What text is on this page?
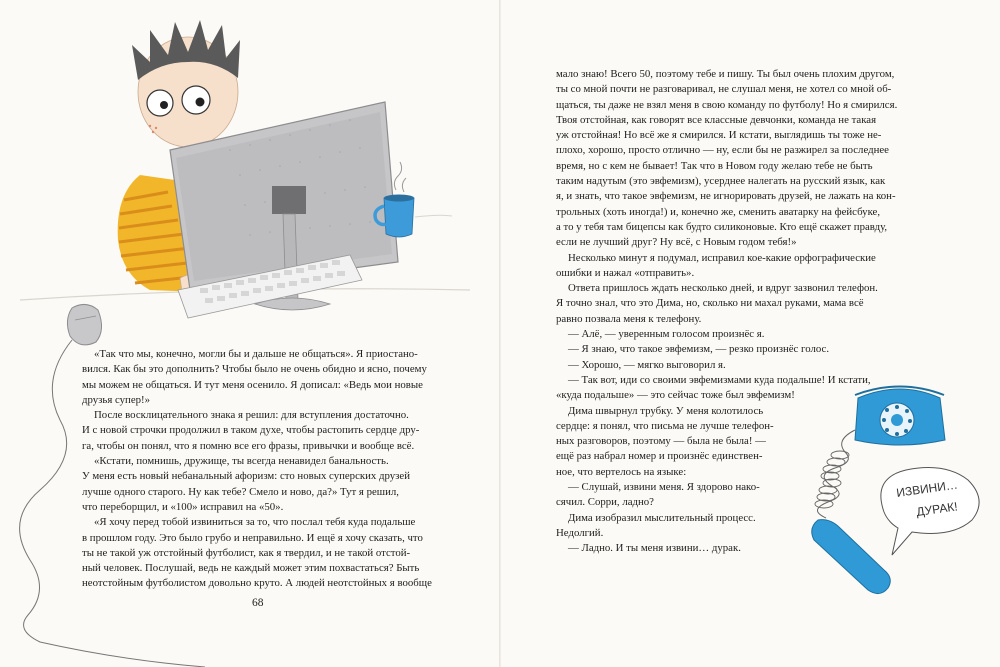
ИЗВИНИ…
ДУРАК!

«Так что мы, конечно, могли бы и дальше не общаться». Я приостано-

вился. Как бы это дополнить? Чтобы было не очень обидно и ясно, почему

мы можем не общаться. И тут меня осенило. Я дописал: «Ведь мои новые

друзья супер!»

После восклицательного знака я решил: для вступления достаточно.

И с новой строчки продолжил в таком духе, чтобы растопить сердце дру-

га, чтобы он понял, что я помню все его фразы, привычки и вообще всё.

«Кстати, помнишь, дружище, ты всегда ненавидел банальность.

У меня есть новый небанальный афоризм: сто новых суперских друзей

лучше одного старого. Ну как тебе? Смело и ново, да?» Тут я решил,

что переборщил, и «100» исправил на «50».

«Я хочу перед тобой извиниться за то, что послал тебя куда подальше

в прошлом году. Это было грубо и неправильно. И ещё я хочу сказать, что

ты не такой уж отстойный футболист, как я твердил, и не такой отстой-

ный человек. Послушай, ведь не каждый может этим похвастаться? Быть

неотстойным футболистом довольно круто. А людей неотстойных я вообще

68

мало знаю! Всего 50, поэтому тебе и пишу. Ты был очень плохим другом,

ты со мной почти не разговаривал, не слушал меня, не хотел со мной об-

щаться, ты даже не взял меня в свою команду по футболу! Но я смирился.

Твоя отстойная, как говорят все классные девчонки, команда не такая

уж отстойная! Но всё же я смирился. И кстати, выглядишь ты тоже не-

плохо, хорошо, просто отлично — ну, если бы не разжирел за последнее

время, но с кем не бывает! Так что в Новом году желаю тебе не быть

таким надутым (это эвфемизм), усерднее налегать на русский язык, как

я, и знать, что такое эвфемизм, не игнорировать друзей, не лажать на кон-

трольных (хоть иногда!) и, конечно же, сменить аватарку на фейсбуке,

а то у тебя там бицепсы как будто силиконовые. Кто ещё скажет правду,

если не лучший друг? Ну всё, с Новым годом тебя!»

Несколько минут я подумал, исправил кое-какие орфографические

ошибки и нажал «отправить».

Ответа пришлось ждать несколько дней, и вдруг зазвонил телефон.

Я точно знал, что это Дима, но, сколько ни махал руками, мама всё

равно позвала меня к телефону.

— Алё, — уверенным голосом произнёс я.

— Я знаю, что такое эвфемизм, — резко произнёс голос.

— Хорошо, — мягко выговорил я.

— Так вот, иди со своими эвфемизмами куда подальше! И кстати,

«куда подальше» — это сейчас тоже был эвфемизм!

Дима швырнул трубку. У меня колотилось

сердце: я понял, что письма не лучше телефон-

ных разговоров, поэтому — была не была! —

ещё раз набрал номер и произнёс единствен-

ное, что вертелось на языке:

— Слушай, извини меня. Я здорово нако-

сячил. Сорри, ладно?

Дима изобразил мыслительный процесс.

Недолгий.

— Ладно. И ты меня извини… дурак.
